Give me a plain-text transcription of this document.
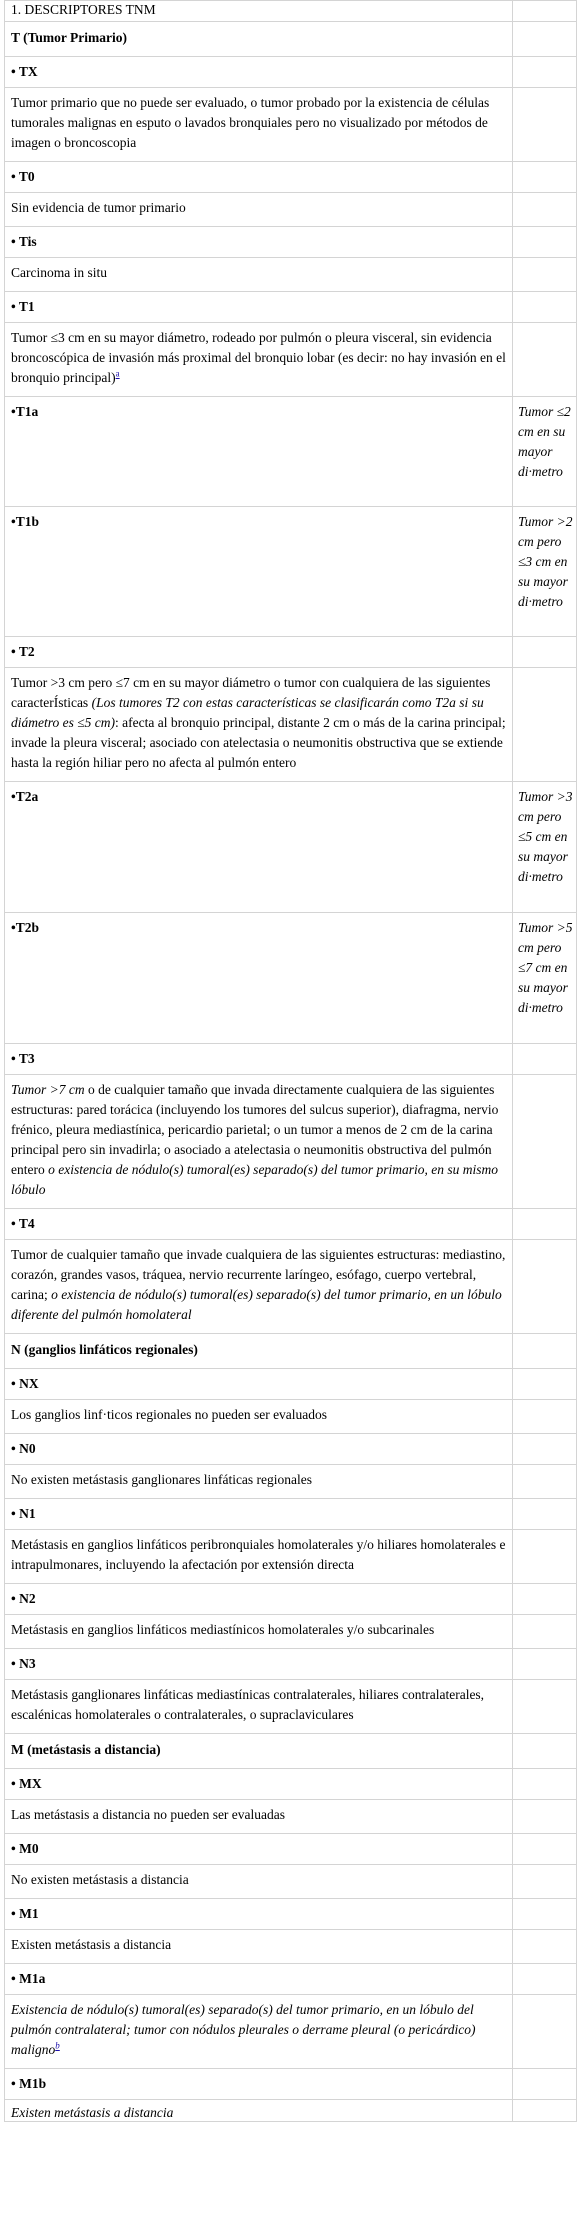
1. DESCRIPTORES TNM	
T (Tumor Primario)	
• TX	
Tumor primario que no puede ser evaluado, o tumor probado por la existencia de células tumorales malignas en esputo o lavados bronquiales pero no visualizado por métodos de imagen o broncoscopia	
• T0	
Sin evidencia de tumor primario	
• Tis	
Carcinoma in situ	
• T1	
Tumor ≤3 cm en su mayor diámetro, rodeado por pulmón o pleura visceral, sin evidencia broncoscópica de invasión más proximal del bronquio lobar (es decir: no hay invasión en el bronquio principal)$^a$	
•T1a	Tumor ≤2 cm en su mayor di·metro
•T1b	Tumor >2 cm pero ≤3 cm en su mayor di·metro
• T2	
Tumor >3 cm pero ≤7 cm en su mayor diámetro o tumor con cualquiera de las siguientes caracterÍsticas (Los tumores T2 con estas características se clasificarán como T2a si su diámetro es ≤5 cm): afecta al bronquio principal, distante 2 cm o más de la carina principal; invade la pleura visceral; asociado con atelectasia o neumonitis obstructiva que se extiende hasta la región hiliar pero no afecta al pulmón entero	
•T2a	Tumor >3 cm pero ≤5 cm en su mayor di·metro
•T2b	Tumor >5 cm pero ≤7 cm en su mayor di·metro
• T3	
Tumor >7 cm o de cualquier tamaño que invada directamente cualquiera de las siguientes estructuras: pared torácica (incluyendo los tumores del sulcus superior), diafragma, nervio frénico, pleura mediastínica, pericardio parietal; o un tumor a menos de 2 cm de la carina principal pero sin invadirla; o asociado a atelectasia o neumonitis obstructiva del pulmón entero o existencia de nódulo(s) tumoral(es) separado(s) del tumor primario, en su mismo lóbulo	
• T4	
Tumor de cualquier tamaño que invade cualquiera de las siguientes estructuras: mediastino, corazón, grandes vasos, tráquea, nervio recurrente laríngeo, esófago, cuerpo vertebral, carina; o existencia de nódulo(s) tumoral(es) separado(s) del tumor primario, en un lóbulo diferente del pulmón homolateral	
N (ganglios linfáticos regionales)	
• NX	
Los ganglios linf·ticos regionales no pueden ser evaluados	
• N0	
No existen metástasis ganglionares linfáticas regionales	
• N1	
Metástasis en ganglios linfáticos peribronquiales homolaterales y/o hiliares homolaterales e intrapulmonares, incluyendo la afectación por extensión directa	
• N2	
Metástasis en ganglios linfáticos mediastínicos homolaterales y/o subcarinales	
• N3	
Metástasis ganglionares linfáticas mediastínicas contralaterales, hiliares contralaterales, escalénicas homolaterales o contralaterales, o supraclaviculares	
M (metástasis a distancia)	
• MX	
Las metástasis a distancia no pueden ser evaluadas	
• M0	
No existen metástasis a distancia	
• M1	
Existen metástasis a distancia	
• M1a	
Existencia de nódulo(s) tumoral(es) separado(s) del tumor primario, en un lóbulo del pulmón contralateral; tumor con nódulos pleurales o derrame pleural (o pericárdico) maligno$^b$	
• M1b	
Existen metástasis a distancia	
